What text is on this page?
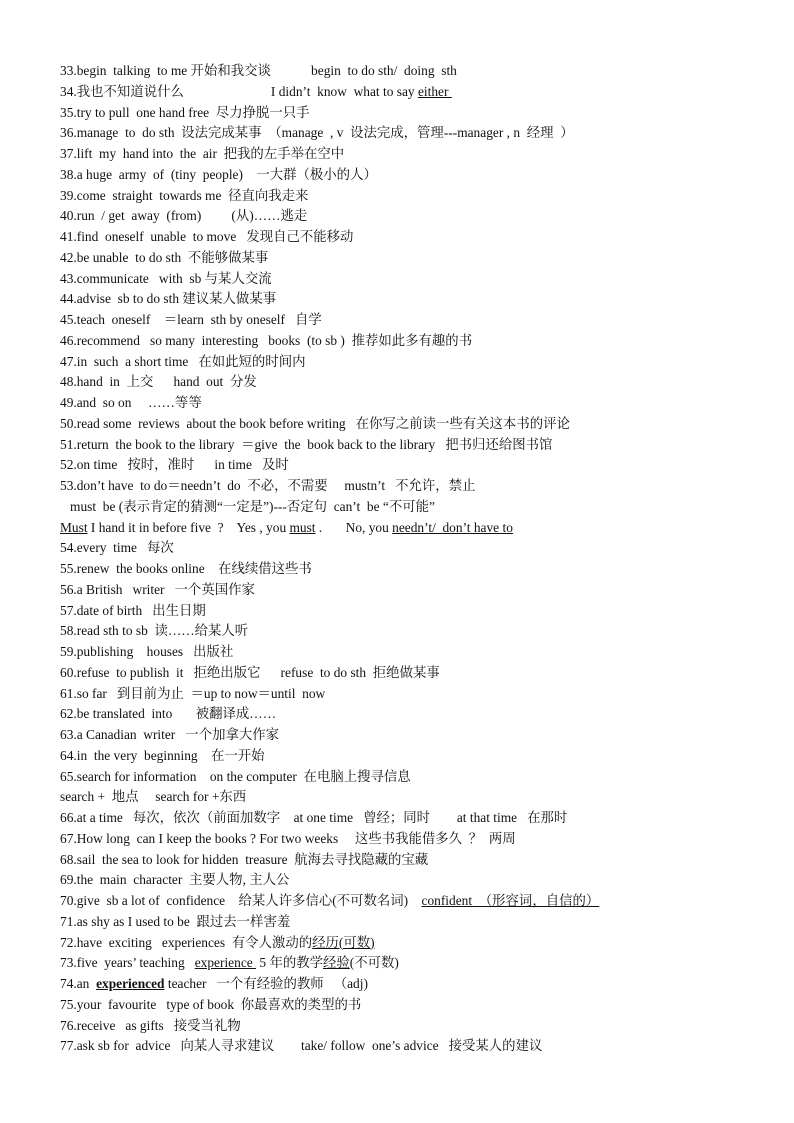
33.begin  talking  to me 开始和我交谈            begin  to do sth/  doing  sth
34.我也不知道说什么                          I didn’t  know  what to say either
35.try to pull  one hand free  尽力挣脱一只手
36.manage  to  do sth  设法完成某事  （manage  , v  设法完成，管理---manager , n  经理  ）
37.lift  my  hand into  the  air  把我的左手举在空中
38.a huge  army  of  (tiny  people)    一大群（极小的人）
39.come  straight  towards me  径直向我走来
40.run  / get  away  (from)         (从)……逃走
41.find  oneself  unable  to move   发现自己不能移动
42.be unable  to do sth  不能够做某事
43.communicate   with  sb 与某人交流
44.advise  sb to do sth 建议某人做某事
45.teach  oneself    ＝learn  sth by oneself   自学
46.recommend   so many  interesting   books  (to sb )  推荐如此多有趣的书
47.in  such  a short time   在如此短的时间内
48.hand  in  上交      hand  out  分发
49.and  so on     ……等等
50.read some  reviews  about the book before writing   在你写之前读一些有关这本书的评论
51.return  the book to the library  ＝give  the  book back to the library   把书归还给图书馆
52.on time   按时，准时      in time   及时
53.don’t have  to do＝needn’t  do  不必，不需要     mustn’t   不允许，禁止
must  be (表示肯定的猜测“一定是”)---否定句  can’t  be “不可能”
Must I hand it in before five  ?    Yes , you must .       No, you needn’t/  don’t have to
54.every  time   每次
55.renew  the books online    在线续借这些书
56.a British   writer   一个英国作家
57.date of birth   出生日期
58.read sth to sb  读……给某人听
59.publishing    houses   出版社
60.refuse  to publish  it   拒绝出版它      refuse  to do sth  拒绝做某事
61.so far   到目前为止  ＝up to now＝until  now
62.be translated  into       被翻译成……
63.a Canadian  writer   一个加拿大作家
64.in  the very  beginning    在一开始
65.search for information    on the computer  在电脑上搜寻信息
search +  地点     search for +东西
66.at a time   每次，依次（前面加数字    at one time   曾经；同时        at that time   在那时
67.How long  can I keep the books ? For two weeks     这些书我能借多久  ？  两周
68.sail  the sea to look for hidden  treasure  航海去寻找隐藏的宝藏
69.the  main  character  主要人物, 主人公
70.give  sb a lot of  confidence    给某人许多信心(不可数名词)    confident  （形容词，自信的）
71.as shy as I used to be  跟过去一样害羞
72.have  exciting   experiences  有令人激动的经历(可数)
73.five  years’ teaching   experience  5 年的教学经验(不可数)
74.an  experienced teacher   一个有经验的教师   （adj)
75.your  favourite   type of book  你最喜欢的类型的书
76.receive   as gifts   接受当礼物
77.ask sb for  advice   向某人寻求建议        take/ follow  one’s advice   接受某人的建议
